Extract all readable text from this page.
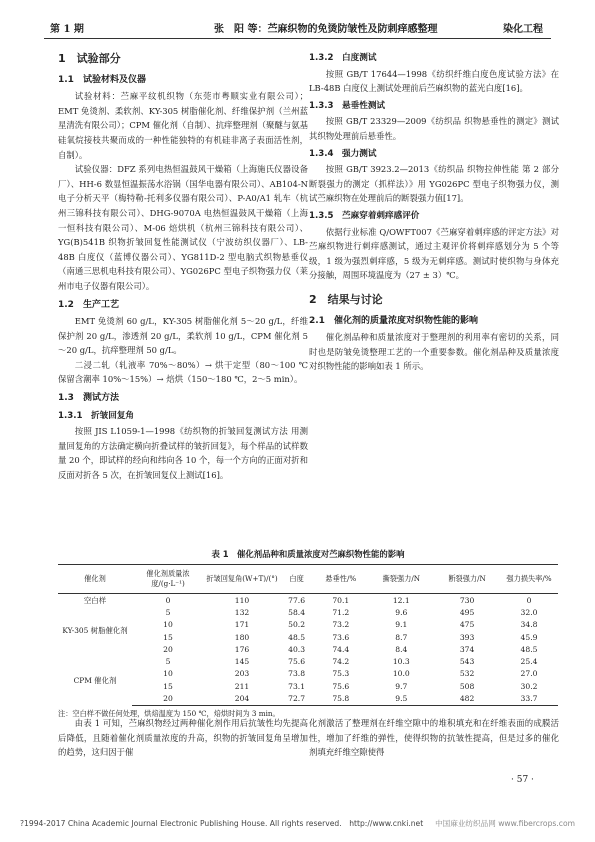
第 1 期	张　阳 等：苎麻织物的免烫防皱性及防刺痒感整理	染化工程
1　试验部分
1.1　试验材料及仪器

试验材料：苎麻平纹机织物（东莞市粤顺实业有限公司）；EMT 免烫剂、柔软剂、KY-305 树脂催化剂、纤维保护剂（兰州蓝星清洗有限公司）；CPM 催化剂（自制）、抗痒整理剂（聚醚与氨基硅氧烷接枝共聚而成的一种性能独特的有机硅非离子表面活性剂，自制）。

试验仪器：DFZ 系列电热恒温鼓风干燥箱（上海施氏仪器设备厂）、HH-6 数显恒温振荡水浴锅（国华电器有限公司）、AB104-N 电子分析天平（梅特勒-托利多仪器有限公司）、P-A0/A1 轧车（杭州三锦科技有限公司）、DHG-9070A 电热恒温鼓风干燥箱（上海一恒科技有限公司）、M-06 焙烘机（杭州三锦科技有限公司）、YG(B)541B 织物折皱回复性能测试仪（宁波纺织仪器厂）、LB-48B 白度仪（蓝博仪器公司）、YG811D-2 型电脑式织物悬垂仪（南通三思机电科技有限公司）、YG026PC 型电子织物强力仪（莱州市电子仪器有限公司）。

1.2　生产工艺

EMT 免烫剂 60 g/L，KY-305 树脂催化剂 5～20 g/L，纤维保护剂 20 g/L，渗透剂 20 g/L，柔软剂 10 g/L，CPM 催化剂 5～20 g/L，抗痒整理剂 50 g/L。

二浸二轧（轧液率 70%～80%）→ 烘干定型（80～100 ℃ 保留含潮率 10%～15%）→ 焙烘（150～180 ℃，2～5 min）。

1.3　测试方法
1.3.1　折皱回复角

按照 JIS L1059-1—1998《纺织物的折皱回复测试方法 用测量回复角的方法确定横向折叠试样的皱折回复》，每个样品的试样数量 20 个，即试样的经向和纬向各 10 个，每一个方向的正面对折和反面对折各 5 次，在折皱回复仪上测试[16]。

1.3.2　白度测试

按照 GB/T 17644—1998《纺织纤维白度色度试验方法》在 LB-48B 白度仪上测试处理前后苎麻织物的蓝光白度[16]。

1.3.3　悬垂性测试

按照 GB/T 23329—2009《纺织品 织物悬垂性的测定》测试其织物处理前后悬垂性。

1.3.4　强力测试

按照 GB/T 3923.2—2013《纺织品 织物拉伸性能 第 2 部分 断裂强力的测定（抓样法）》用 YG026PC 型电子织物强力仪，测试苎麻织物在处理前后的断裂强力值[17]。

1.3.5　苎麻穿着刺痒感评价

依据行业标准 Q/OWFT007《苎麻穿着刺痒感的评定方法》对苎麻织物进行刺痒感测试，通过主观评价将刺痒感划分为 5 个等级，1 级为强烈刺痒感，5 级为无刺痒感。测试时使织物与身体充分接触，周围环境温度为（27 ± 3）℃。

2　结果与讨论
2.1　催化剂的质量浓度对织物性能的影响

催化剂品种和质量浓度对于整理剂的利用率有密切的关系，同时也是防皱免烫整理工艺的一个重要参数。催化剂品种及质量浓度对织物性能的影响如表 1 所示。

表 1　催化剂品种和质量浓度对苎麻织物性能的影响
催化剂	催化剂质量浓度/(g·L⁻¹)	折皱回复角(W+T)/(°)	白度	悬垂性/%	撕裂强力/N	断裂强力/N	强力损失率/%
空白样	0	110	77.6	70.1	12.1	730	0
KY-305 树脂催化剂	5	132	58.4	71.2	9.6	495	32.0
	10	171	50.2	73.2	9.1	475	34.8
	15	180	48.5	73.6	8.7	393	45.9
	20	176	40.3	74.4	8.4	374	48.5
CPM 催化剂	5	145	75.6	74.2	10.3	543	25.4
	10	203	73.8	75.3	10.0	532	27.0
	15	211	73.1	75.6	9.7	508	30.2
	20	204	72.7	75.8	9.5	482	33.7
注：空白样不做任何处理，烘焙温度为 150 ℃，焙烘时间为 3 min。

由表 1 可知，苎麻织物经过两种催化剂作用后抗皱性均先提高后降低，且随着催化剂质量浓度的升高，织物的折皱回复角呈增加的趋势，这归因于催

化剂激活了整理剂在纤维空隙中的堆积填充和在纤维表面的成膜活性，增加了纤维的弹性，使得织物的抗皱性提高，但是过多的催化剂填充纤维空隙使得

· 57 ·
?1994-2017 China Academic Journal Electronic Publishing House. All rights reserved.　http://www.cnki.net 中国麻业纺织品网 www.fibercrops.com
